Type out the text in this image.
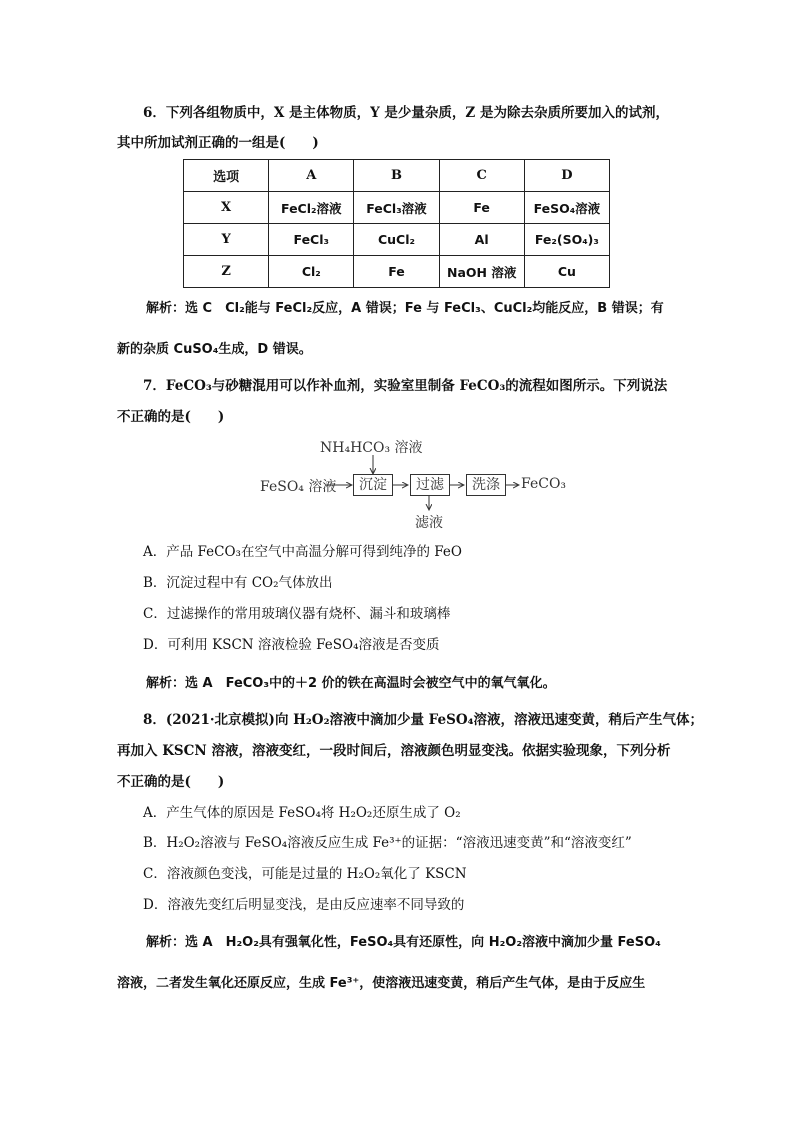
6．下列各组物质中，X 是主体物质，Y 是少量杂质，Z 是为除去杂质所要加入的试剂，
其中所加试剂正确的一组是(　　)
选项	A	B	C	D
X	FeCl₂溶液	FeCl₃溶液	Fe	FeSO₄溶液
Y	FeCl₃	CuCl₂	Al	Fe₂(SO₄)₃
Z	Cl₂	Fe	NaOH 溶液	Cu
解析：选 C　Cl₂能与 FeCl₂反应，A 错误；Fe 与 FeCl₃、CuCl₂均能反应，B 错误；有
新的杂质 CuSO₄生成，D 错误。
7．FeCO₃与砂糖混用可以作补血剂，实验室里制备 FeCO₃的流程如图所示。下列说法
不正确的是(　　)
NH₄HCO₃ 溶液
FeSO₄ 溶液	沉淀	过滤	洗涤	FeCO₃
滤液
A．产品 FeCO₃在空气中高温分解可得到纯净的 FeO
B．沉淀过程中有 CO₂气体放出
C．过滤操作的常用玻璃仪器有烧杯、漏斗和玻璃棒
D．可利用 KSCN 溶液检验 FeSO₄溶液是否变质
解析：选 A　FeCO₃中的＋2 价的铁在高温时会被空气中的氧气氧化。
8．(2021·北京模拟)向 H₂O₂溶液中滴加少量 FeSO₄溶液，溶液迅速变黄，稍后产生气体；
再加入 KSCN 溶液，溶液变红，一段时间后，溶液颜色明显变浅。依据实验现象，下列分析
不正确的是(　　)
A．产生气体的原因是 FeSO₄将 H₂O₂还原生成了 O₂
B．H₂O₂溶液与 FeSO₄溶液反应生成 Fe³⁺的证据：“溶液迅速变黄”和“溶液变红”
C．溶液颜色变浅，可能是过量的 H₂O₂氧化了 KSCN
D．溶液先变红后明显变浅，是由反应速率不同导致的
解析：选 A　H₂O₂具有强氧化性，FeSO₄具有还原性，向 H₂O₂溶液中滴加少量 FeSO₄
溶液，二者发生氧化还原反应，生成 Fe³⁺，使溶液迅速变黄，稍后产生气体，是由于反应生
